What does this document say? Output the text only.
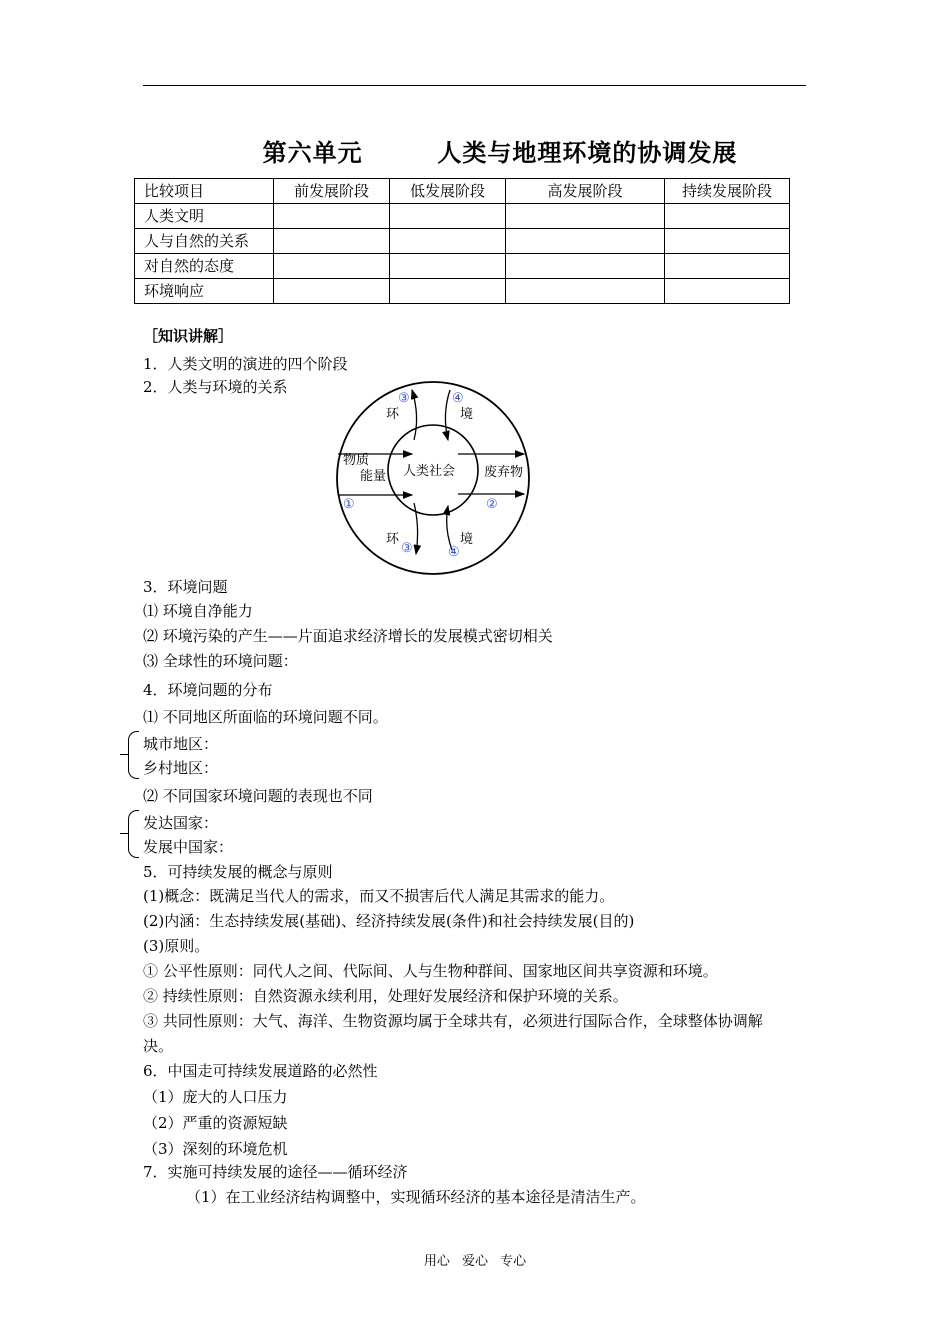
第六单元        人类与地理环境的协调发展
比较项目	前发展阶段	低发展阶段	高发展阶段	持续发展阶段
人类文明				
人与自然的关系				
对自然的态度				
环境响应				
［知识讲解］
1．人类文明的演进的四个阶段
2．人类与环境的关系
人类社会
物质
能量	废弃物
环	境
环	境
③	④
①	②
③	④
3．环境问题
⑴ 环境自净能力
⑵ 环境污染的产生——片面追求经济增长的发展模式密切相关
⑶ 全球性的环境问题：
4．环境问题的分布
⑴ 不同地区所面临的环境问题不同。
城市地区：
乡村地区：
⑵ 不同国家环境问题的表现也不同
发达国家：
发展中国家：
5．可持续发展的概念与原则
(1)概念：既满足当代人的需求，而又不损害后代人满足其需求的能力。
(2)内涵：生态持续发展(基础)、经济持续发展(条件)和社会持续发展(目的)
(3)原则。
① 公平性原则：同代人之间、代际间、人与生物种群间、国家地区间共享资源和环境。
② 持续性原则：自然资源永续利用，处理好发展经济和保护环境的关系。
③ 共同性原则：大气、海洋、生物资源均属于全球共有，必须进行国际合作，全球整体协调解
决。
6．中国走可持续发展道路的必然性
（1）庞大的人口压力
（2）严重的资源短缺
（3）深刻的环境危机
7．实施可持续发展的途径——循环经济
（1）在工业经济结构调整中，实现循环经济的基本途径是清洁生产。
用心 爱心 专心
